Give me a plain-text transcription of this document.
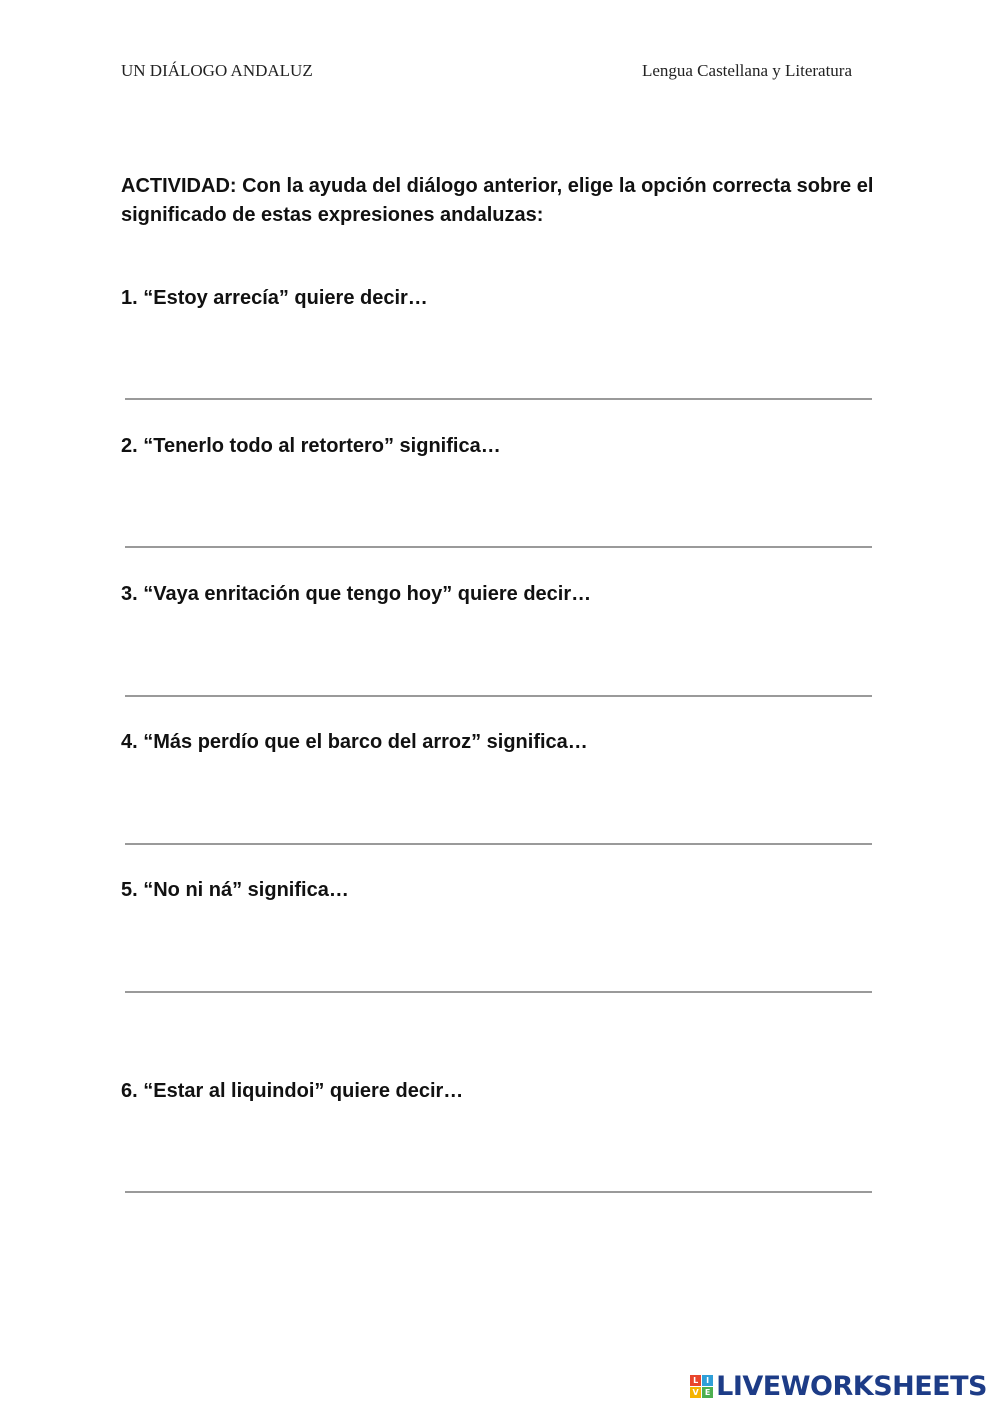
UN DIÁLOGO ANDALUZ	Lengua Castellana y Literatura
ACTIVIDAD: Con la ayuda del diálogo anterior, elige la opción correcta sobre el significado de estas expresiones andaluzas:
1. “Estoy arrecía” quiere decir…
2. “Tenerlo todo al retortero” significa…
3. “Vaya enritación que tengo hoy” quiere decir…
4. “Más perdío que el barco del arroz” significa…
5. “No ni ná” significa…
6. “Estar al liquindoi” quiere decir…
L I
V E LIVEWORKSHEETS
